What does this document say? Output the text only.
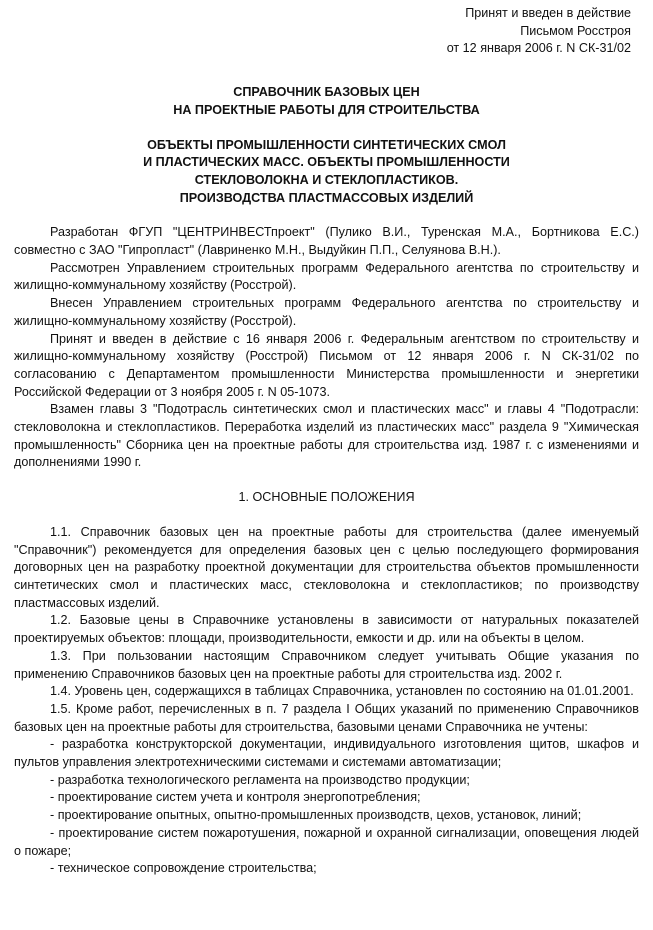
Принят и введен в действие
Письмом Росстроя
от 12 января 2006 г. N СК-31/02
СПРАВОЧНИК БАЗОВЫХ ЦЕН
НА ПРОЕКТНЫЕ РАБОТЫ ДЛЯ СТРОИТЕЛЬСТВА
ОБЪЕКТЫ ПРОМЫШЛЕННОСТИ СИНТЕТИЧЕСКИХ СМОЛ
И ПЛАСТИЧЕСКИХ МАСС. ОБЪЕКТЫ ПРОМЫШЛЕННОСТИ
СТЕКЛОВОЛОКНА И СТЕКЛОПЛАСТИКОВ.
ПРОИЗВОДСТВА ПЛАСТМАССОВЫХ ИЗДЕЛИЙ

Разработан ФГУП "ЦЕНТРИНВЕСТпроект" (Пулико В.И., Туренская М.А., Бортникова Е.С.) совместно с ЗАО "Гипропласт" (Лавриненко М.Н., Выдуйкин П.П., Селуянова В.Н.).

Рассмотрен Управлением строительных программ Федерального агентства по строительству и жилищно-коммунальному хозяйству (Росстрой).

Внесен Управлением строительных программ Федерального агентства по строительству и жилищно-коммунальному хозяйству (Росстрой).

Принят и введен в действие с 16 января 2006 г. Федеральным агентством по строительству и жилищно-коммунальному хозяйству (Росстрой) Письмом от 12 января 2006 г. N СК-31/02 по согласованию с Департаментом промышленности Министерства промышленности и энергетики Российской Федерации от 3 ноября 2005 г. N 05-1073.

Взамен главы 3 "Подотрасль синтетических смол и пластических масс" и главы 4 "Подотрасли: стекловолокна и стеклопластиков. Переработка изделий из пластических масс" раздела 9 "Химическая промышленность" Сборника цен на проектные работы для строительства изд. 1987 г. с изменениями и дополнениями 1990 г.

1. ОСНОВНЫЕ ПОЛОЖЕНИЯ

1.1. Справочник базовых цен на проектные работы для строительства (далее именуемый "Справочник") рекомендуется для определения базовых цен с целью последующего формирования договорных цен на разработку проектной документации для строительства объектов промышленности синтетических смол и пластических масс, стекловолокна и стеклопластиков; по производству пластмассовых изделий.

1.2. Базовые цены в Справочнике установлены в зависимости от натуральных показателей проектируемых объектов: площади, производительности, емкости и др. или на объекты в целом.

1.3. При пользовании настоящим Справочником следует учитывать Общие указания по применению Справочников базовых цен на проектные работы для строительства изд. 2002 г.

1.4. Уровень цен, содержащихся в таблицах Справочника, установлен по состоянию на 01.01.2001.

1.5. Кроме работ, перечисленных в п. 7 раздела I Общих указаний по применению Справочников базовых цен на проектные работы для строительства, базовыми ценами Справочника не учтены:

- разработка конструкторской документации, индивидуального изготовления щитов, шкафов и пультов управления электротехническими системами и системами автоматизации;

- разработка технологического регламента на производство продукции;

- проектирование систем учета и контроля энергопотребления;

- проектирование опытных, опытно-промышленных производств, цехов, установок, линий;

- проектирование систем пожаротушения, пожарной и охранной сигнализации, оповещения людей о пожаре;

- техническое сопровождение строительства;
